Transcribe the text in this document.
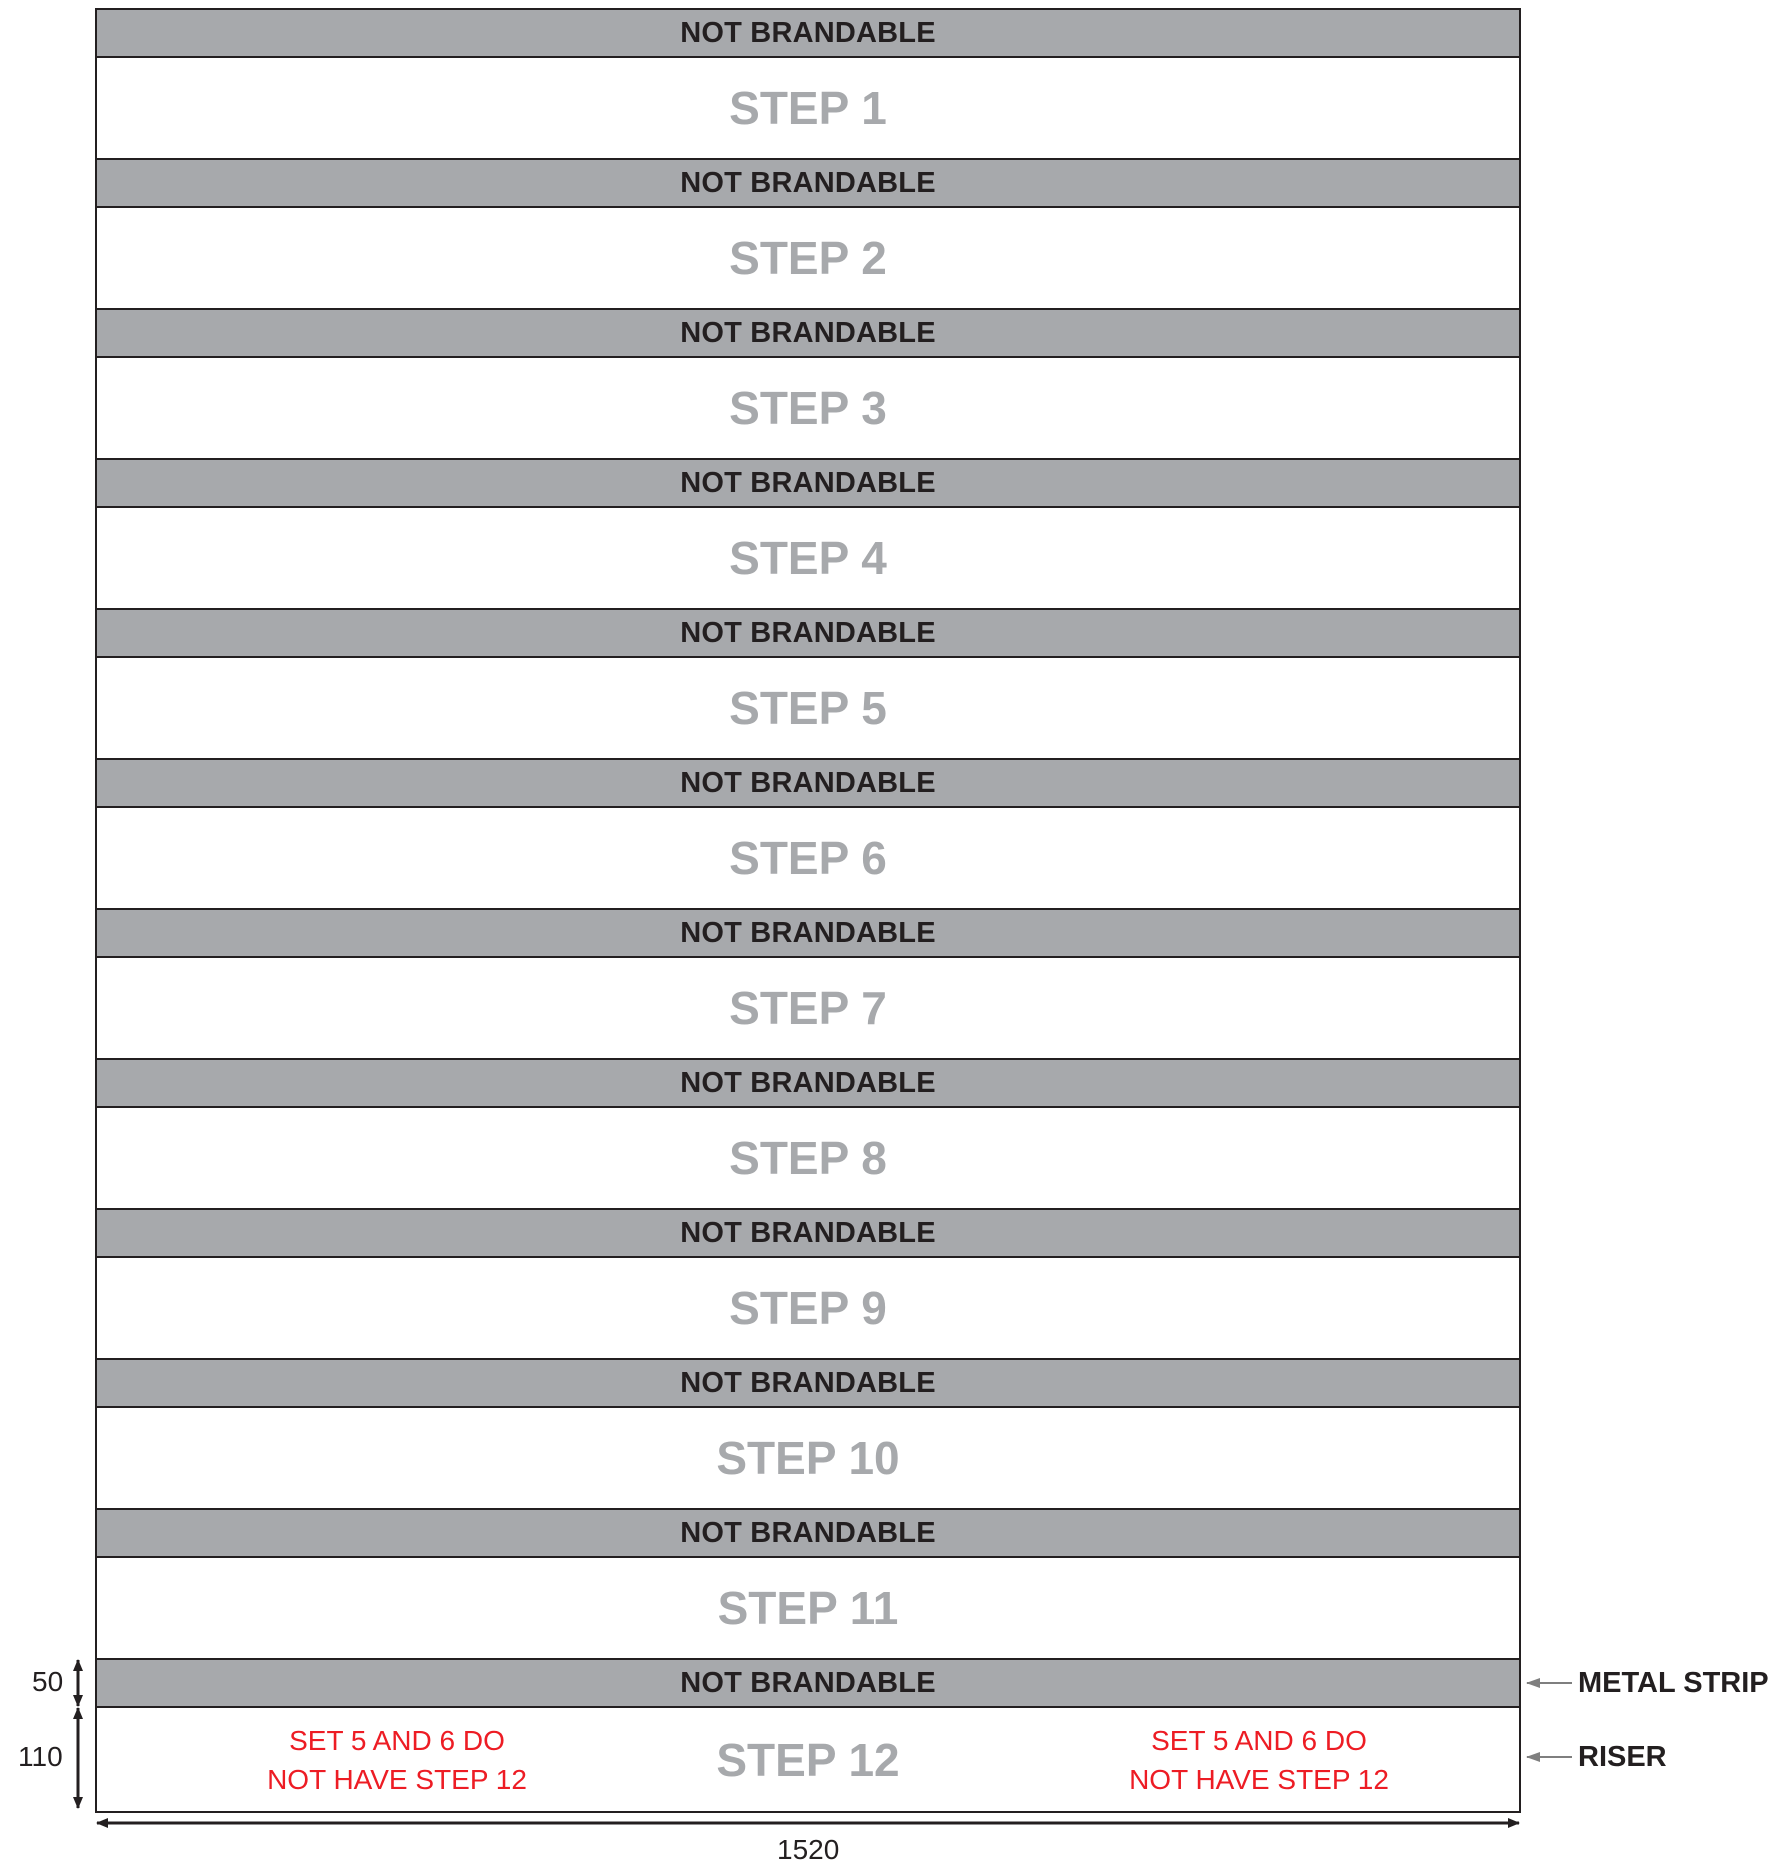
NOT BRANDABLE
STEP 1
NOT BRANDABLE
STEP 2
NOT BRANDABLE
STEP 3
NOT BRANDABLE
STEP 4
NOT BRANDABLE
STEP 5
NOT BRANDABLE
STEP 6
NOT BRANDABLE
STEP 7
NOT BRANDABLE
STEP 8
NOT BRANDABLE
STEP 9
NOT BRANDABLE
STEP 10
NOT BRANDABLE
STEP 11
NOT BRANDABLE
SET 5 AND 6 DO
NOT HAVE STEP 12	STEP 12	SET 5 AND 6 DO
NOT HAVE STEP 12
50
110
1520
METAL STRIP
RISER
